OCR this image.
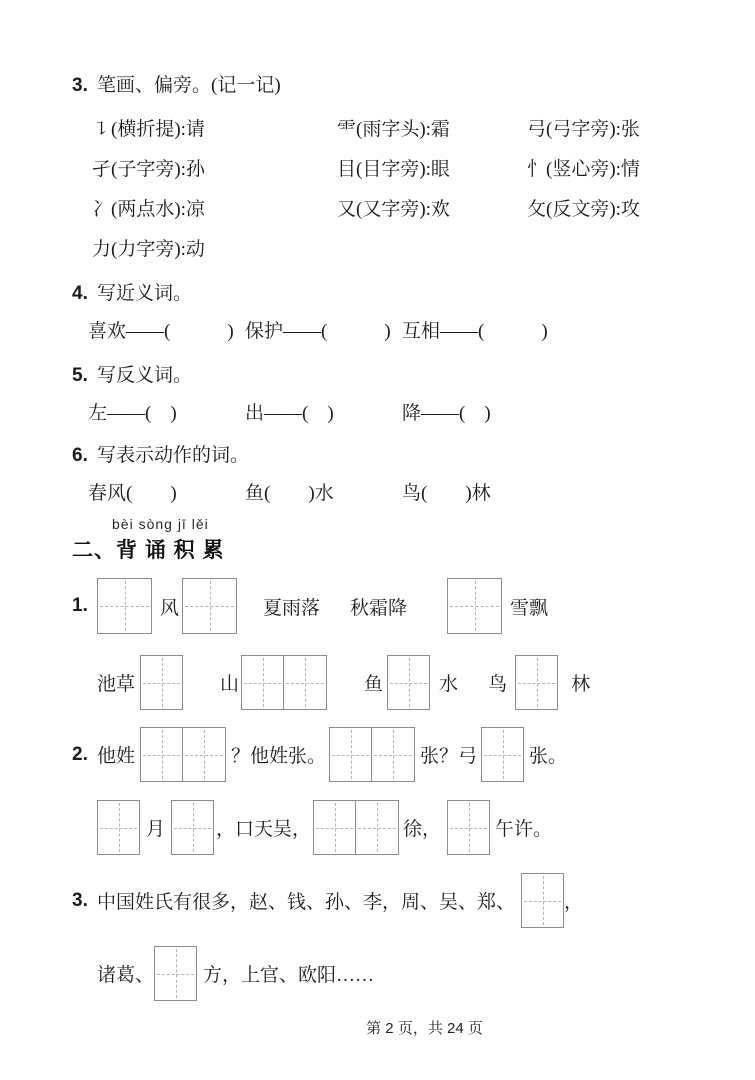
3. 笔画、偏旁。(记一记)
㇊(横折提):请	⻗(雨字头):霜	弓(弓字旁):张
孑(子字旁):孙	目(目字旁):眼	忄(竖心旁):情
冫(两点水):凉	又(又字旁):欢	攵(反文旁):攻
力(力字旁):动
4. 写近义词。
喜欢——(　　　) 保护——(　　　) 互相——(　　　)
5. 写反义词。
左——(　)	出——(　)	降——(　)
6. 写表示动作的词。
春风(　　)	鱼(　　)水	鸟(　　)林
bèi sòng jī lěi
二、背 诵 积 累
1.	风	夏雨落 秋霜降	雪飘
池草	山	鱼	水 鸟	林
2. 他姓	？他姓张。	张？弓	张。
月	，口天吴，	徐，	午许。
3. 中国姓氏有很多，赵、钱、孙、李，周、吴、郑、	，
诸葛、	方，上官、欧阳……
第 2 页，共 24 页
